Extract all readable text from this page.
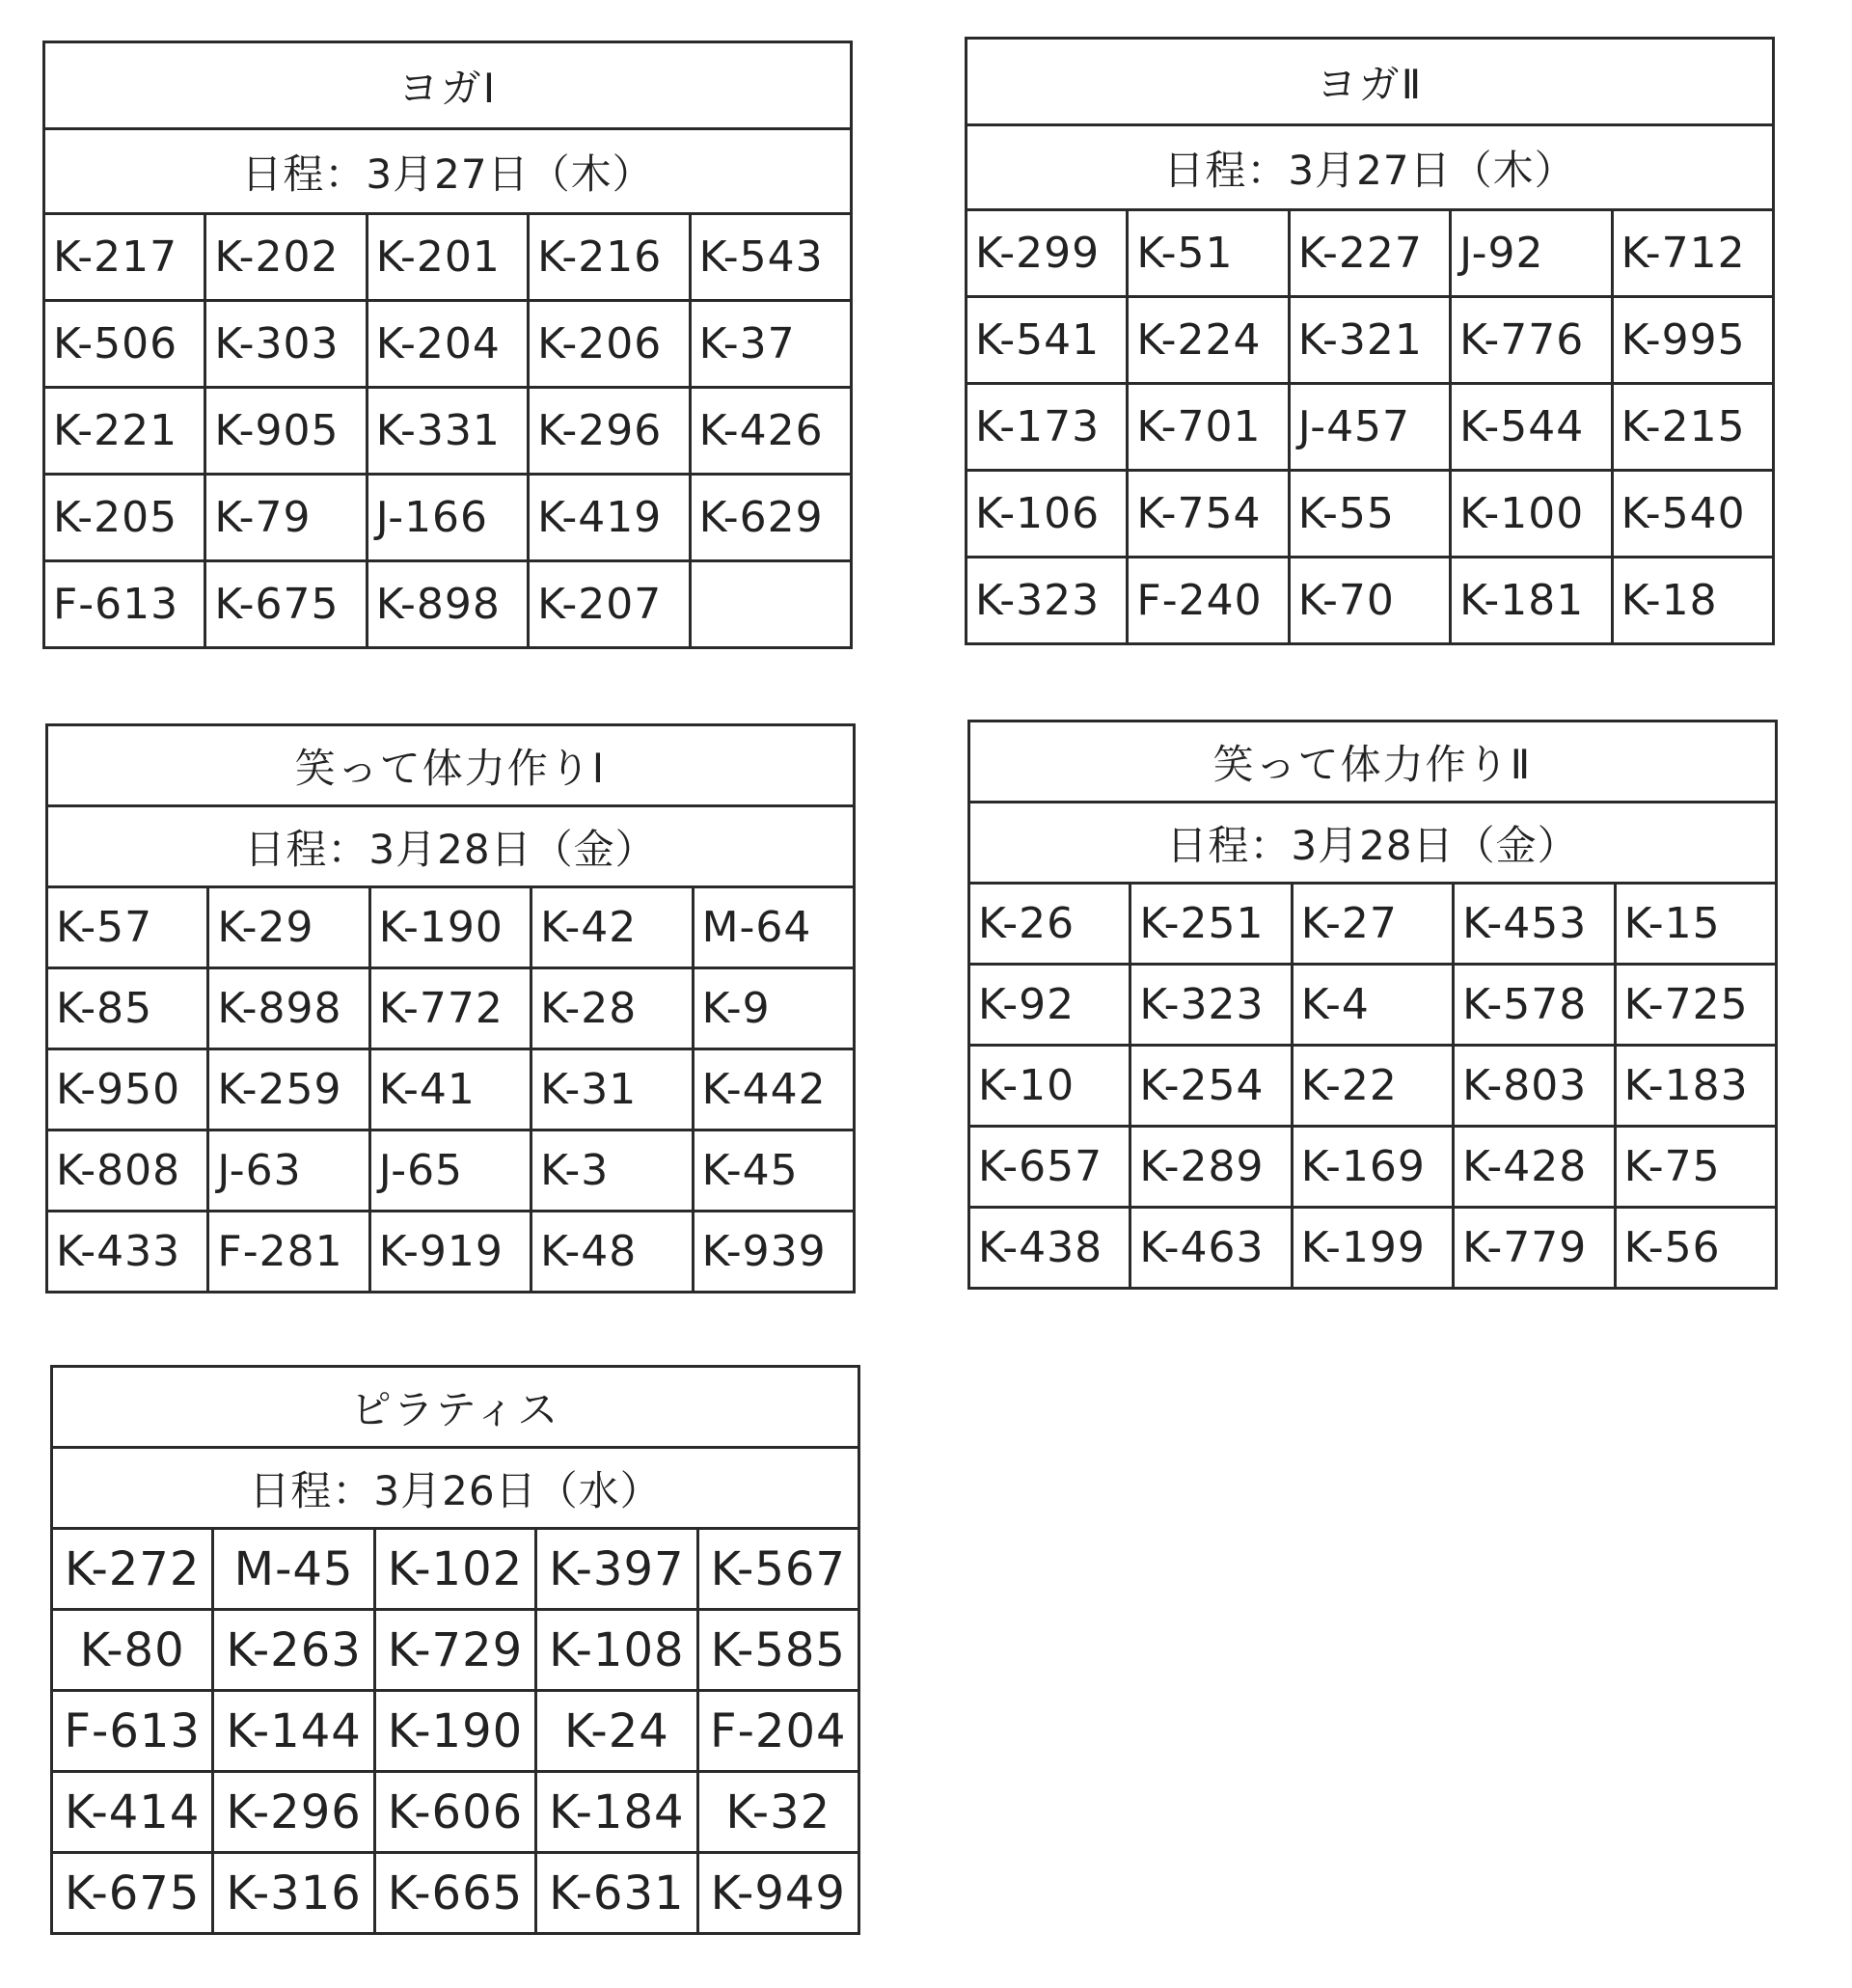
ヨガⅠ				
日程：3月27日（木）				
K-217	K-202	K-201	K-216	K-543
K-506	K-303	K-204	K-206	K-37
K-221	K-905	K-331	K-296	K-426
K-205	K-79	J-166	K-419	K-629
F-613	K-675	K-898	K-207	
ヨガⅡ				
日程：3月27日（木）				
K-299	K-51	K-227	J-92	K-712
K-541	K-224	K-321	K-776	K-995
K-173	K-701	J-457	K-544	K-215
K-106	K-754	K-55	K-100	K-540
K-323	F-240	K-70	K-181	K-18
笑って体力作りⅠ				
日程：3月28日（金）				
K-57	K-29	K-190	K-42	M-64
K-85	K-898	K-772	K-28	K-9
K-950	K-259	K-41	K-31	K-442
K-808	J-63	J-65	K-3	K-45
K-433	F-281	K-919	K-48	K-939
笑って体力作りⅡ				
日程：3月28日（金）				
K-26	K-251	K-27	K-453	K-15
K-92	K-323	K-4	K-578	K-725
K-10	K-254	K-22	K-803	K-183
K-657	K-289	K-169	K-428	K-75
K-438	K-463	K-199	K-779	K-56
ピラティス				
日程：3月26日（水）				
K-272	M-45	K-102	K-397	K-567
K-80	K-263	K-729	K-108	K-585
F-613	K-144	K-190	K-24	F-204
K-414	K-296	K-606	K-184	K-32
K-675	K-316	K-665	K-631	K-949
